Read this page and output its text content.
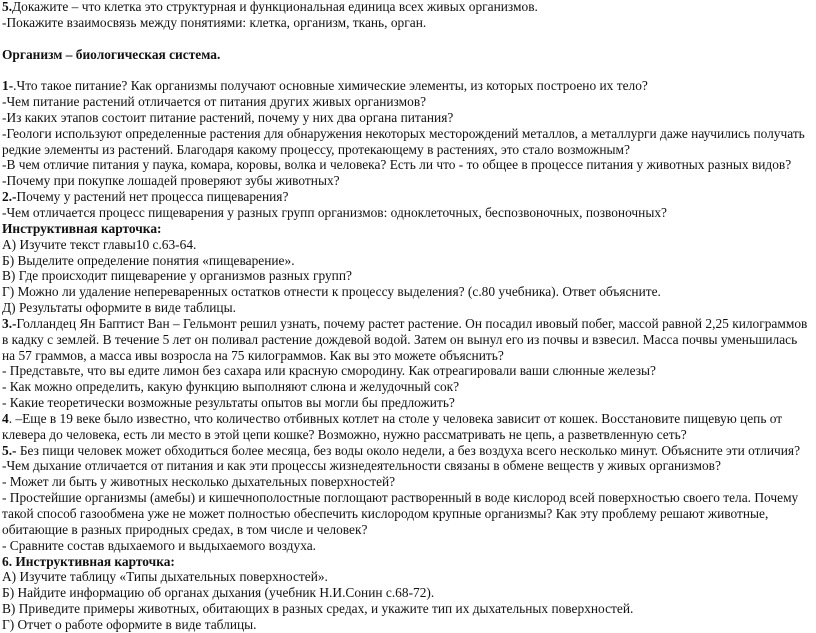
5.Докажите – что клетка это структурная и функциональная единица всех живых организмов.
-Покажите взаимосвязь между понятиями: клетка, организм, ткань, орган.
Организм – биологическая система.
1-.Что такое питание? Как организмы получают основные химические элементы, из которых построено их тело?
-Чем питание растений отличается от питания других живых организмов?
-Из каких этапов состоит питание растений, почему у них два органа питания?
-Геологи используют определенные растения для обнаружения некоторых месторождений металлов, а металлурги даже научились получать
редкие элементы из растений. Благодаря какому процессу, протекающему в растениях, это стало возможным?
-В чем отличие питания у паука, комара, коровы, волка и человека? Есть ли что - то общее в процессе питания у животных разных видов?
-Почему при покупке лошадей проверяют зубы животных?
2.-Почему у растений нет процесса пищеварения?
-Чем отличается процесс пищеварения у разных групп организмов: одноклеточных, беспозвоночных, позвоночных?
Инструктивная карточка:
А) Изучите текст главы10 с.63-64.
Б) Выделите определение понятия «пищеварение».
В) Где происходит пищеварение у организмов разных групп?
Г) Можно ли удаление непереваренных остатков отнести к процессу выделения? (с.80 учебника). Ответ объясните.
Д) Результаты оформите в виде таблицы.
3.-Голландец Ян Баптист Ван – Гельмонт решил узнать, почему растет растение. Он посадил ивовый побег, массой равной 2,25 килограммов
в кадку с землей. В течение 5 лет он поливал растение дождевой водой. Затем он вынул его из почвы и взвесил. Масса почвы уменьшилась
на 57 граммов, а масса ивы возросла на 75 килограммов. Как вы это можете объяснить?
- Представьте, что вы едите лимон без сахара или красную смородину. Как отреагировали ваши слюнные железы?
- Как можно определить, какую функцию выполняют слюна и желудочный сок?
- Какие теоретически возможные результаты опытов вы могли бы предложить?
4. –Еще в 19 веке было известно, что количество отбивных котлет на столе у человека зависит от кошек. Восстановите пищевую цепь от
клевера до человека, есть ли место в этой цепи кошке? Возможно, нужно рассматривать не цепь, а разветвленную сеть?
5.- Без пищи человек может обходиться более месяца, без воды около недели, а без воздуха всего несколько минут. Объясните эти отличия?
-Чем дыхание отличается от питания и как эти процессы жизнедеятельности связаны в обмене веществ у живых организмов?
- Может ли быть у животных несколько дыхательных поверхностей?
- Простейшие организмы (амебы) и кишечнополостные поглощают растворенный в воде кислород всей поверхностью своего тела. Почему
такой способ газообмена уже не может полностью обеспечить кислородом крупные организмы? Как эту проблему решают животные,
обитающие в разных природных средах, в том числе и человек?
- Сравните состав вдыхаемого и выдыхаемого воздуха.
6. Инструктивная карточка:
А) Изучите таблицу «Типы дыхательных поверхностей».
Б) Найдите информацию об органах дыхания (учебник Н.И.Сонин с.68-72).
В) Приведите примеры животных, обитающих в разных средах, и укажите тип их дыхательных поверхностей.
Г) Отчет о работе оформите в виде таблицы.
